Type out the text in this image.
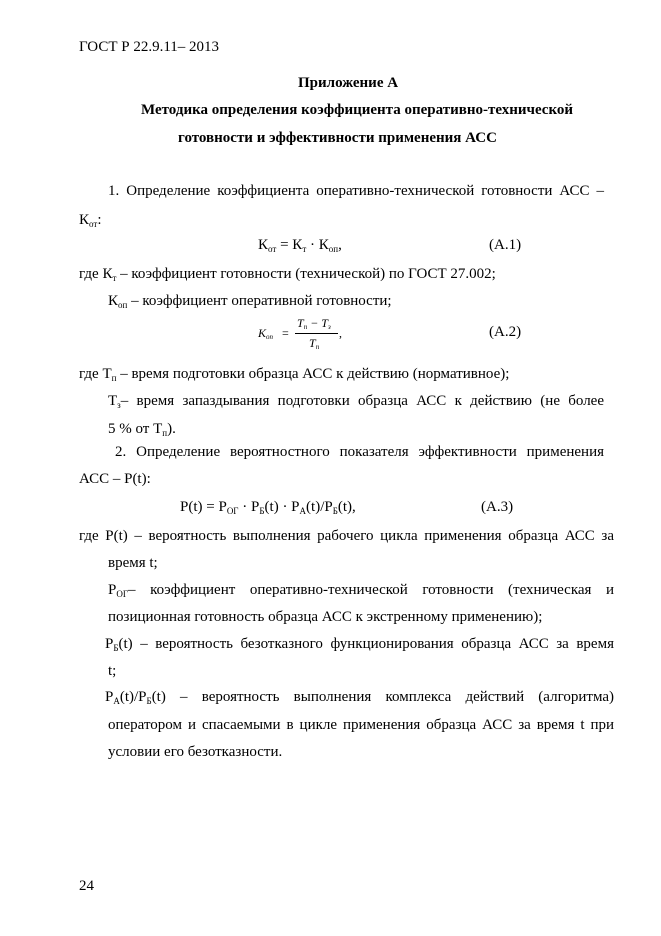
ГОСТ Р 22.9.11– 2013
Приложение А
Методика определения коэффициента оперативно-технической
готовности и эффективности применения АСС
1. Определение коэффициента оперативно-технической готовности АСС –
$К_{от}$:
$К_{от} = К_т \cdot К_{оп}$,	(А.1)
где $К_т$ – коэффициент готовности (технической) по ГОСТ 27.002;
$К_{оп}$ – коэффициент оперативной готовности;
$K_{оп}$ =
$T_п - T_з$
$T_п$
,	(А.2)
где $Т_п$ – время подготовки образца АСС к действию (нормативное);
$Т_з$ – время запаздывания подготовки образца АСС к действию (не более
5 % от $Т_п$).
2. Определение вероятностного показателя эффективности применения
АСС – Р(t):
$Р(t) = Р_{ОГ} \cdot Р_Б(t) \cdot Р_А(t)/Р_Б(t)$,	(А.3)
где Р(t) – вероятность выполнения рабочего цикла применения образца АСС за
время t;
$Р_{ОГ}$ – коэффициент оперативно-технической готовности (техническая и
позиционная готовность образца АСС к экстренному применению);
$Р_Б$ (t) – вероятность безотказного функционирования образца АСС за время
t;
$Р_А(t)/Р_Б$ (t) – вероятность выполнения комплекса действий (алгоритма)
оператором и спасаемыми в цикле применения образца АСС за время t при
условии его безотказности.
24
